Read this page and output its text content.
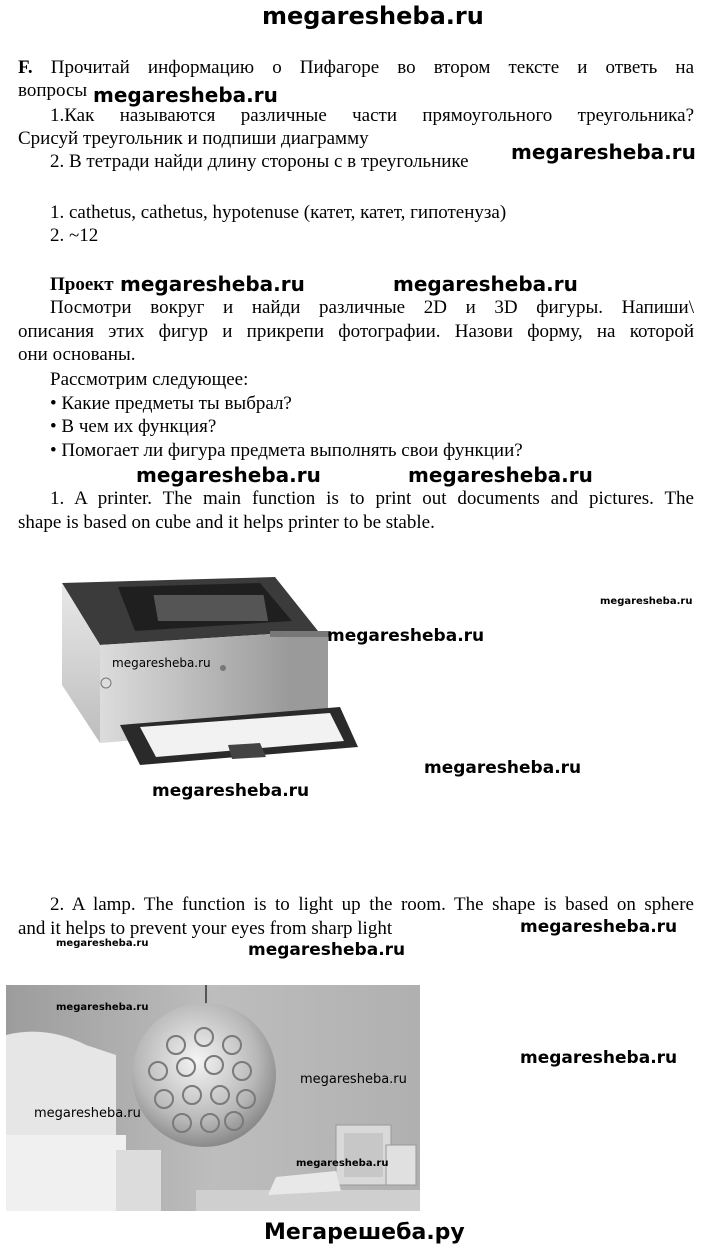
megaresheba.ru
F. Прочитай информацию о Пифагоре во втором тексте и ответь на
вопросы megaresheba.ru
1.Как называются различные части прямоугольного треугольника?
Срисуй треугольник и подпиши диаграмму
2. В тетради найди длину стороны с в треугольнике	megaresheba.ru
1. cathetus, cathetus, hypotenuse (катет, катет, гипотенуза)
2. ~12
Проект megaresheba.ru	megaresheba.ru
Посмотри вокруг и найди различные 2D и 3D фигуры. Напиши\
описания этих фигур и прикрепи фотографии. Назови форму, на которой
они основаны.
Рассмотрим следующее:
• Какие предметы ты выбрал?
• В чем их функция?
• Помогает ли фигура предмета выполнять свои функции?
megaresheba.ru	megaresheba.ru
1. A printer. The main function is to print out documents and pictures. The
shape is based on cube and it helps printer to be stable.
megaresheba.ru
megaresheba.ru
megaresheba.ru
megaresheba.ru
megaresheba.ru
2. A lamp. The function is to light up the room. The shape is based on sphere
and it helps to prevent your eyes from sharp light	megaresheba.ru
megaresheba.ru	megaresheba.ru
megaresheba.ru
megaresheba.ru
megaresheba.ru
megaresheba.ru
megaresheba.ru
Мегарешеба.ру
